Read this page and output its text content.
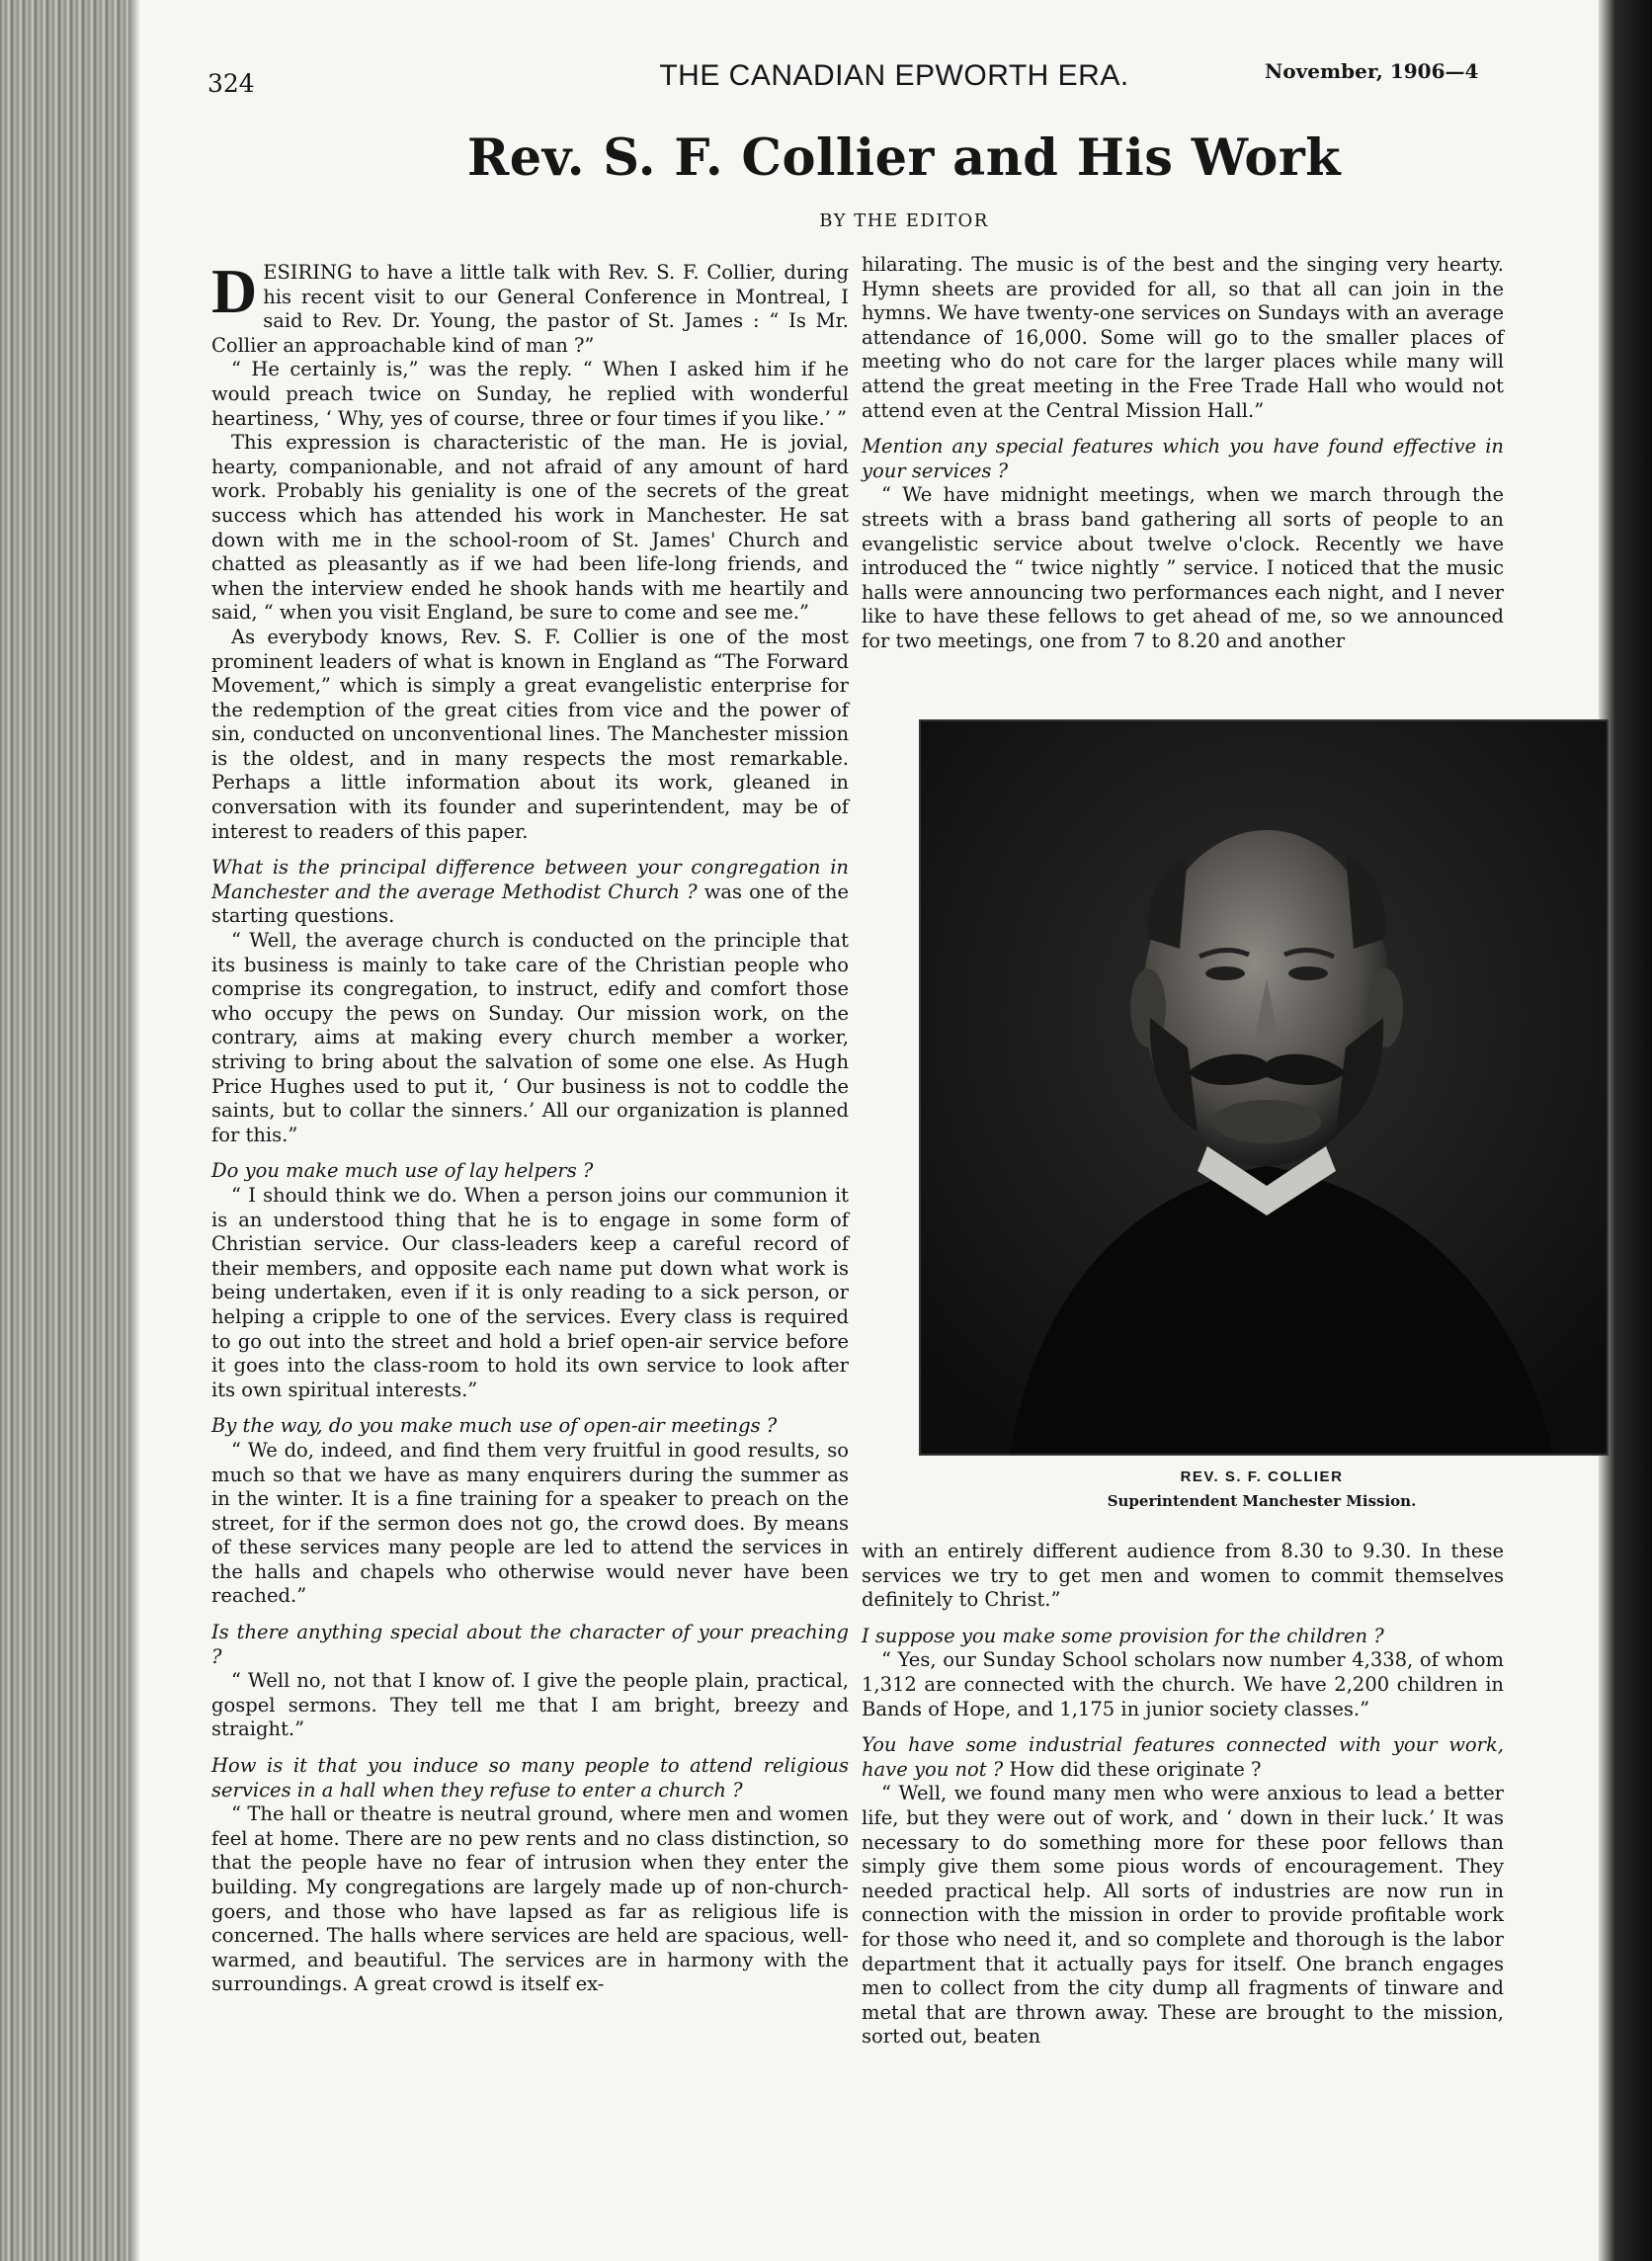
324	THE CANADIAN EPWORTH ERA.	November, 1906—4
Rev. S. F. Collier and His Work
BY THE EDITOR

DESIRING to have a little talk with Rev. S. F. Collier, during his recent visit to our General Conference in Montreal, I said to Rev. Dr. Young, the pastor of St. James : “ Is Mr. Collier an approachable kind of man ?”

“ He certainly is,” was the reply. “ When I asked him if he would preach twice on Sunday, he replied with wonderful heartiness, ‘ Why, yes of course, three or four times if you like.’ ”

This expression is characteristic of the man. He is jovial, hearty, companionable, and not afraid of any amount of hard work. Probably his geniality is one of the secrets of the great success which has attended his work in Manchester. He sat down with me in the school-room of St. James' Church and chatted as pleasantly as if we had been life-long friends, and when the interview ended he shook hands with me heartily and said, “ when you visit England, be sure to come and see me.”

As everybody knows, Rev. S. F. Collier is one of the most prominent leaders of what is known in England as “The Forward Movement,” which is simply a great evangelistic enterprise for the redemption of the great cities from vice and the power of sin, conducted on unconventional lines. The Manchester mission is the oldest, and in many respects the most remarkable. Perhaps a little information about its work, gleaned in conversation with its founder and superintendent, may be of interest to readers of this paper.

What is the principal difference between your congregation in Manchester and the average Methodist Church ? was one of the starting questions.

“ Well, the average church is conducted on the principle that its business is mainly to take care of the Christian people who comprise its congregation, to instruct, edify and comfort those who occupy the pews on Sunday. Our mission work, on the contrary, aims at making every church member a worker, striving to bring about the salvation of some one else. As Hugh Price Hughes used to put it, ‘ Our business is not to coddle the saints, but to collar the sinners.’ All our organization is planned for this.”

Do you make much use of lay helpers ?

“ I should think we do. When a person joins our communion it is an understood thing that he is to engage in some form of Christian service. Our class-leaders keep a careful record of their members, and opposite each name put down what work is being undertaken, even if it is only reading to a sick person, or helping a cripple to one of the services. Every class is required to go out into the street and hold a brief open-air service before it goes into the class-room to hold its own service to look after its own spiritual interests.”

By the way, do you make much use of open-air meetings ?

“ We do, indeed, and find them very fruitful in good results, so much so that we have as many enquirers during the summer as in the winter. It is a fine training for a speaker to preach on the street, for if the sermon does not go, the crowd does. By means of these services many people are led to attend the services in the halls and chapels who otherwise would never have been reached.”

Is there anything special about the character of your preaching ?

“ Well no, not that I know of. I give the people plain, practical, gospel sermons. They tell me that I am bright, breezy and straight.”

How is it that you induce so many people to attend religious services in a hall when they refuse to enter a church ?

“ The hall or theatre is neutral ground, where men and women feel at home. There are no pew rents and no class distinction, so that the people have no fear of intrusion when they enter the building. My congregations are largely made up of non-church-goers, and those who have lapsed as far as religious life is concerned. The halls where services are held are spacious, well-warmed, and beautiful. The services are in harmony with the surroundings. A great crowd is itself ex-

hilarating. The music is of the best and the singing very hearty. Hymn sheets are provided for all, so that all can join in the hymns. We have twenty-one services on Sundays with an average attendance of 16,000. Some will go to the smaller places of meeting who do not care for the larger places while many will attend the great meeting in the Free Trade Hall who would not attend even at the Central Mission Hall.”

Mention any special features which you have found effective in your services ?

“ We have midnight meetings, when we march through the streets with a brass band gathering all sorts of people to an evangelistic service about twelve o'clock. Recently we have introduced the “ twice nightly ” service. I noticed that the music halls were announcing two performances each night, and I never like to have these fellows to get ahead of me, so we announced for two meetings, one from 7 to 8.20 and another

REV. S. F. COLLIER
Superintendent Manchester Mission.

with an entirely different audience from 8.30 to 9.30. In these services we try to get men and women to commit themselves definitely to Christ.”

I suppose you make some provision for the children ?

“ Yes, our Sunday School scholars now number 4,338, of whom 1,312 are connected with the church. We have 2,200 children in Bands of Hope, and 1,175 in junior society classes.”

You have some industrial features connected with your work, have you not ? How did these originate ?

“ Well, we found many men who were anxious to lead a better life, but they were out of work, and ‘ down in their luck.’ It was necessary to do something more for these poor fellows than simply give them some pious words of encouragement. They needed practical help. All sorts of industries are now run in connection with the mission in order to provide profitable work for those who need it, and so complete and thorough is the labor department that it actually pays for itself. One branch engages men to collect from the city dump all fragments of tinware and metal that are thrown away. These are brought to the mission, sorted out, beaten
